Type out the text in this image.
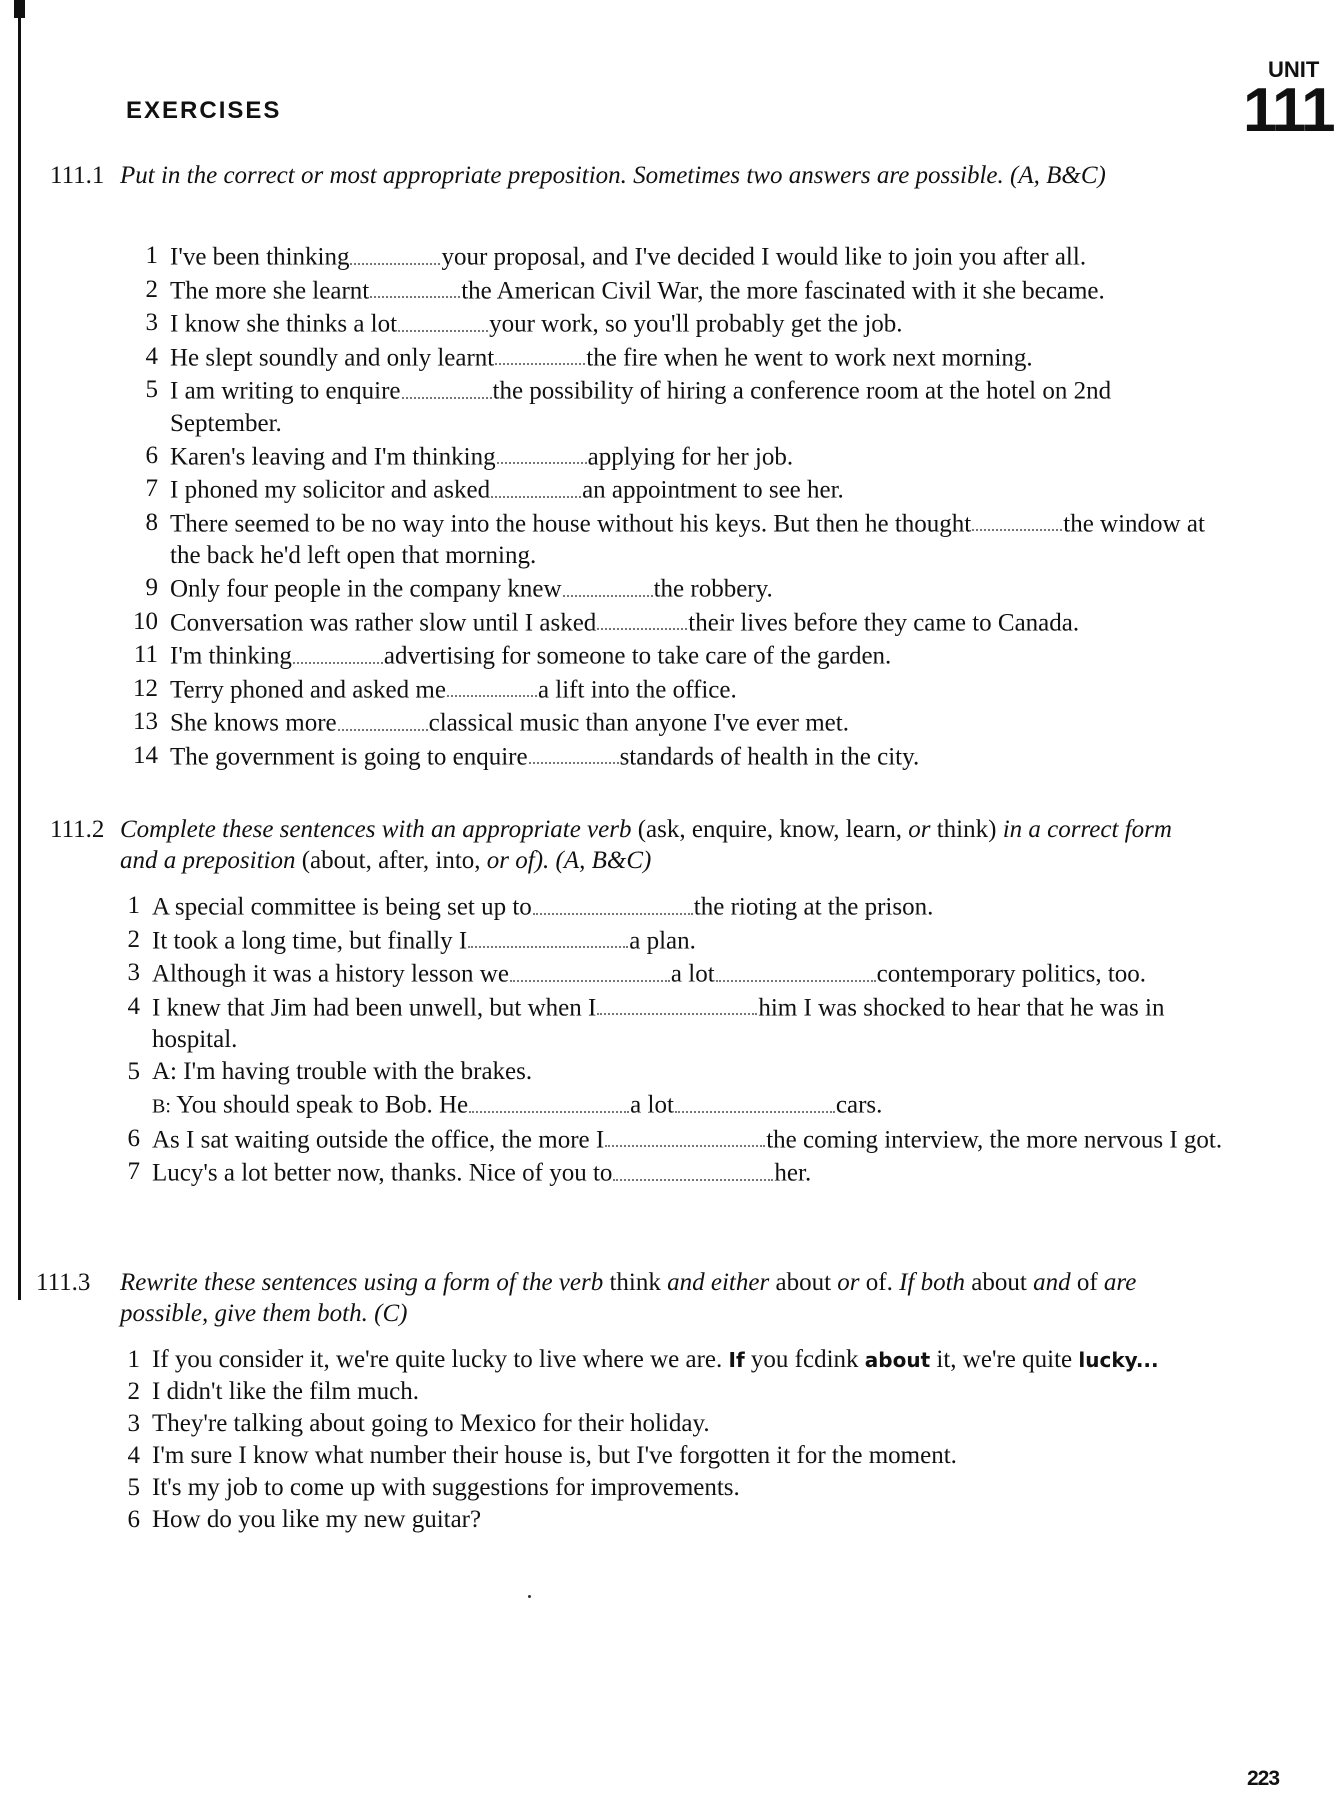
EXERCISES
UNIT
111
111.1 Put in the correct or most appropriate preposition. Sometimes two answers are possible. (A, B&C)
1 I've been thinking	your proposal, and I've decided I would like to join you after all.
2 The more she learnt	the American Civil War, the more fascinated with it she became.
3 I know she thinks a lot	your work, so you'll probably get the job.
4 He slept soundly and only learnt	the fire when he went to work next morning.
5 I am writing to enquire	the possibility of hiring a conference room at the hotel on 2nd September.
6 Karen's leaving and I'm thinking	applying for her job.
7 I phoned my solicitor and asked	an appointment to see her.
8 There seemed to be no way into the house without his keys. But then he thought	the window at the back he'd left open that morning.
9 Only four people in the company knew	the robbery.
10 Conversation was rather slow until I asked	their lives before they came to Canada.
11 I'm thinking	advertising for someone to take care of the garden.
12 Terry phoned and asked me	a lift into the office.
13 She knows more	classical music than anyone I've ever met.
14 The government is going to enquire	standards of health in the city.
111.2 Complete these sentences with an appropriate verb (ask, enquire, know, learn, or think) in a correct form and a preposition (about, after, into, or of). (A, B&C)
1 A special committee is being set up to	the rioting at the prison.
2 It took a long time, but finally I	a plan.
3 Although it was a history lesson we	a lot	contemporary politics, too.
4 I knew that Jim had been unwell, but when I	him I was shocked to hear that he was in hospital.
5 A: I'm having trouble with the brakes.
B: You should speak to Bob. He	a lot	cars.
6 As I sat waiting outside the office, the more I	the coming interview, the more nervous I got.
7 Lucy's a lot better now, thanks. Nice of you to	her.
111.3 Rewrite these sentences using a form of the verb think and either about or of. If both about and of are possible, give them both. (C)
1 If you consider it, we're quite lucky to live where we are. If you fcdink about it, we're quite lucky...
2 I didn't like the film much.
3 They're talking about going to Mexico for their holiday.
4 I'm sure I know what number their house is, but I've forgotten it for the moment.
5 It's my job to come up with suggestions for improvements.
6 How do you like my new guitar?
223
